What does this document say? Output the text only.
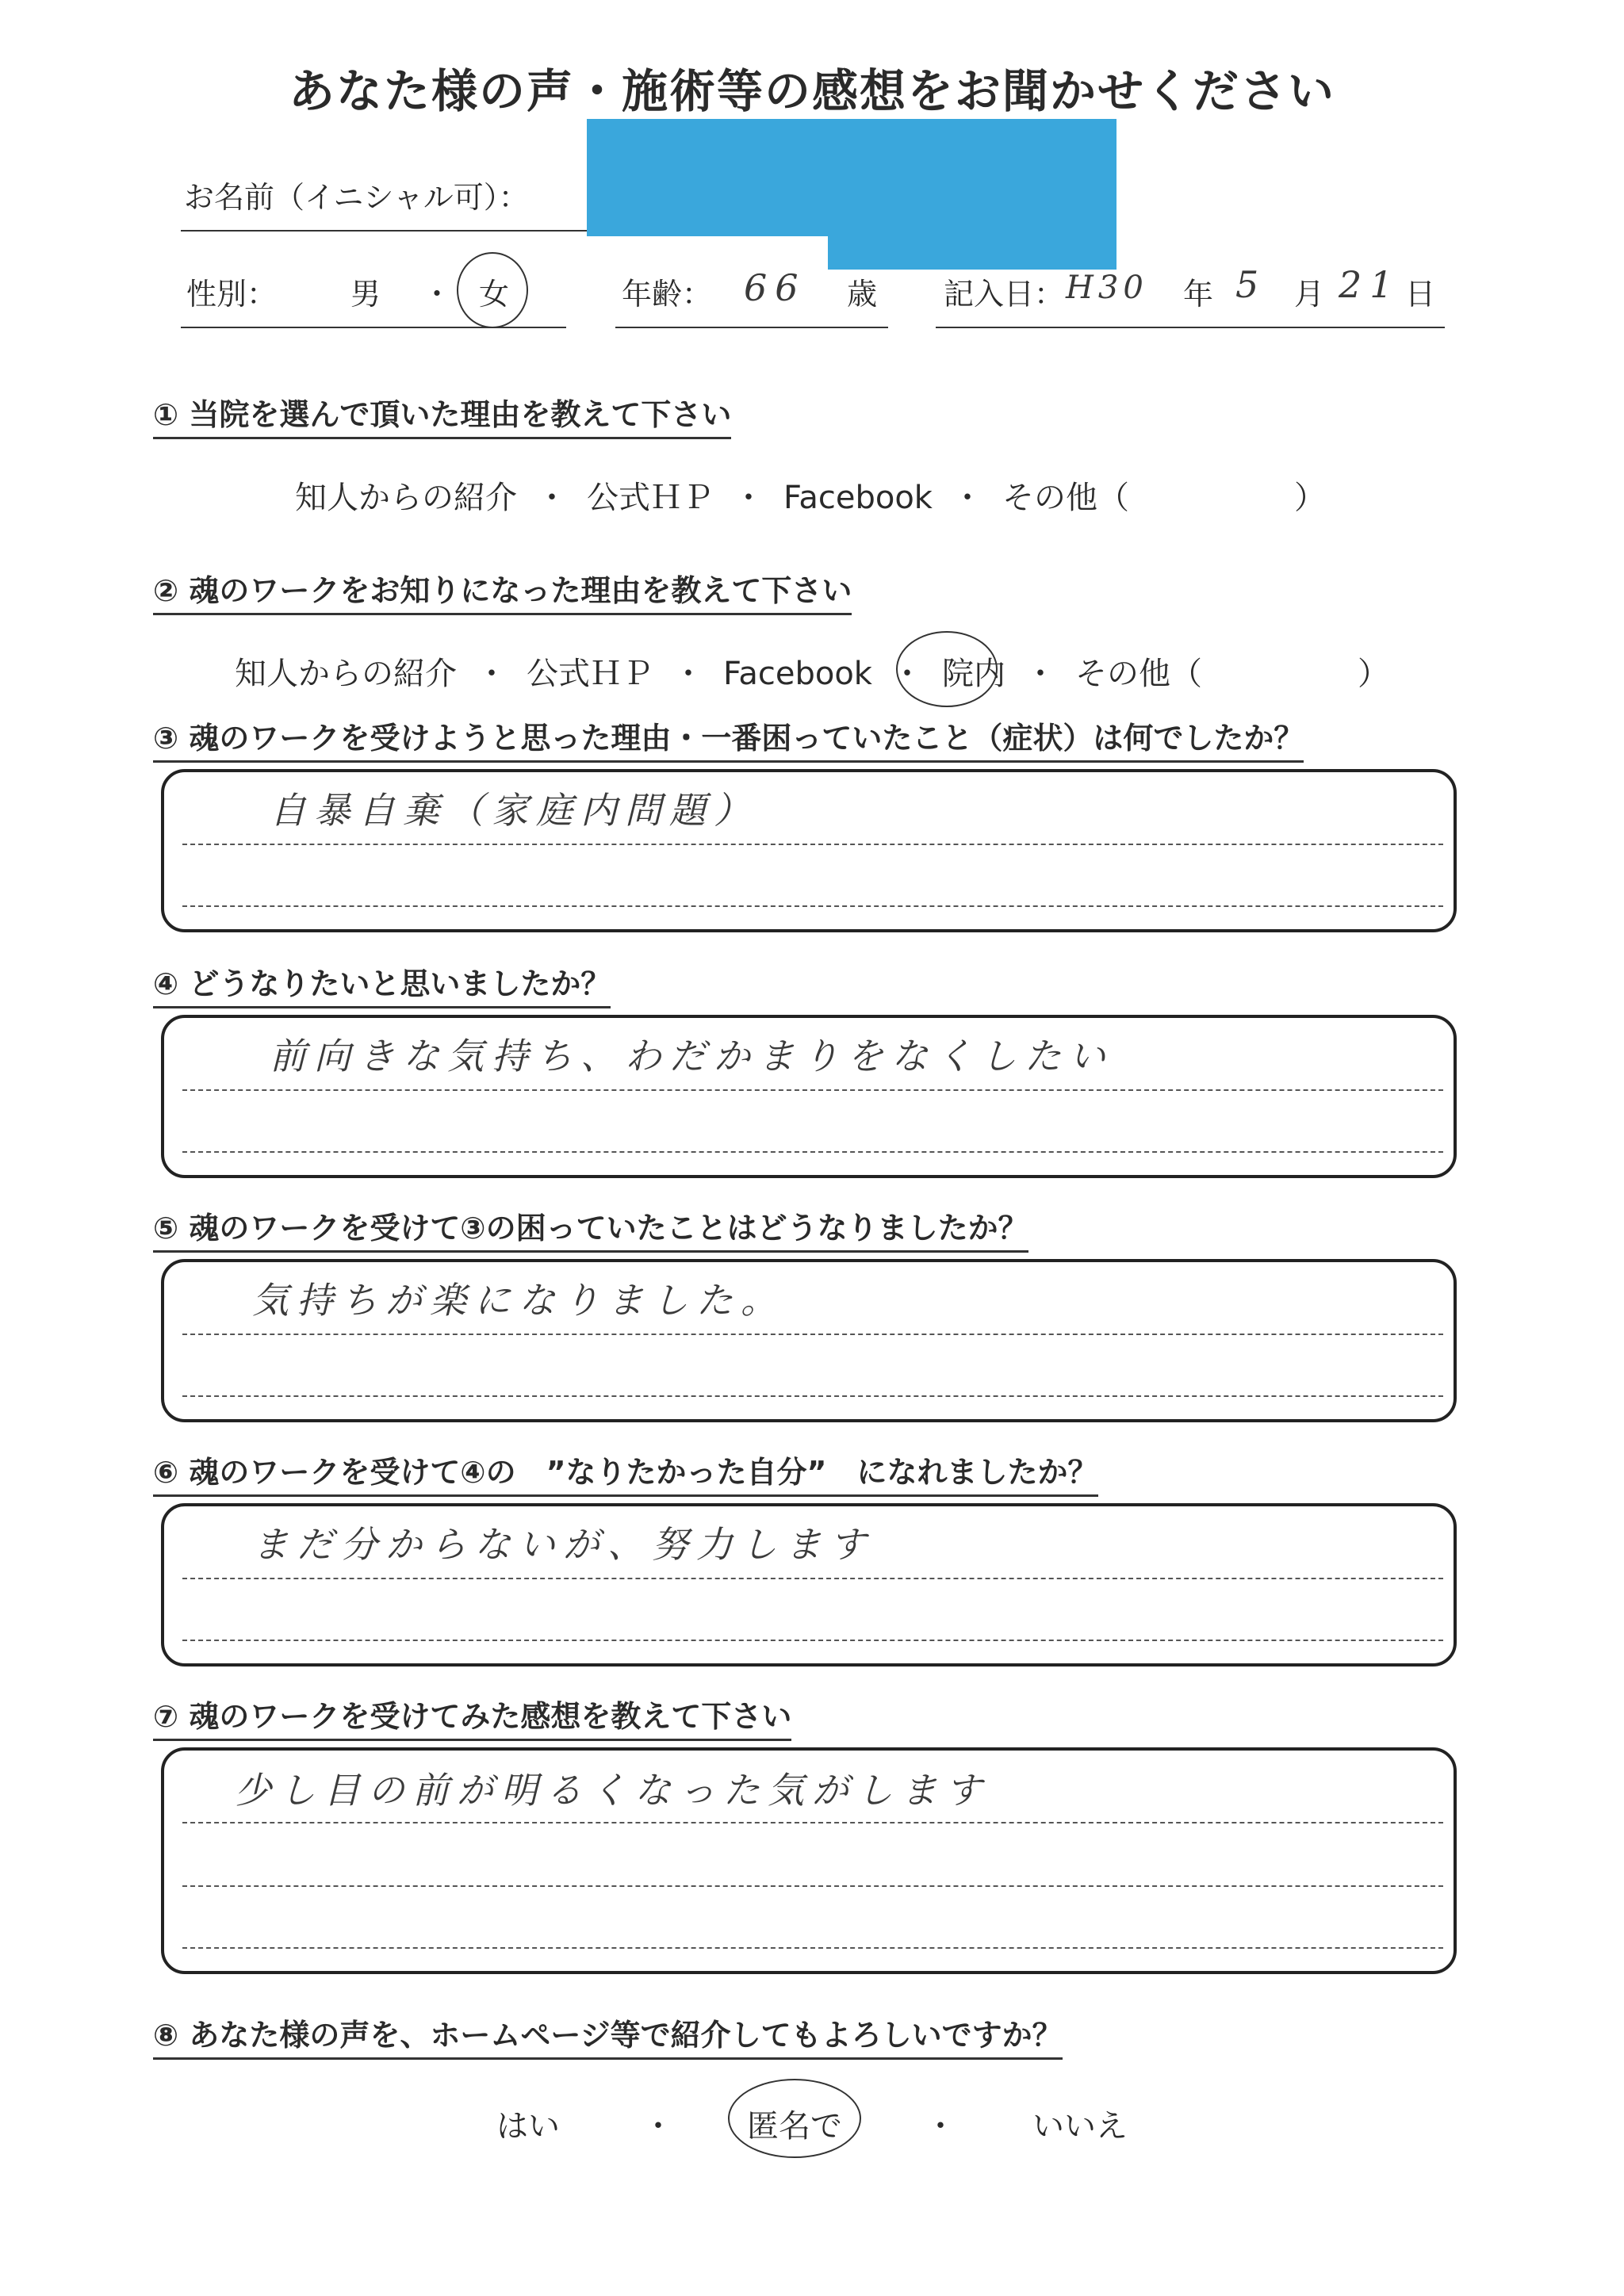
あなた様の声・施術等の感想をお聞かせください
お名前（イニシャル可）：
性別： 男 ・ 女	年齢： 66 歳 記入日： H30 年 5 月 21 日
① 当院を選んで頂いた理由を教えて下さい
知人からの紹介 ・ 公式ＨＰ ・ Facebook ・ その他（	）
② 魂のワークをお知りになった理由を教えて下さい
知人からの紹介 ・ 公式ＨＰ ・ Facebook ・ 院内 ・ その他（	）
③ 魂のワークを受けようと思った理由・一番困っていたこと（症状）は何でしたか？
自暴自棄（家庭内問題）
④ どうなりたいと思いましたか？
前向きな気持ち、わだかまりをなくしたい
⑤ 魂のワークを受けて③の困っていたことはどうなりましたか？
気持ちが楽になりました。
⑥ 魂のワークを受けて④の　”なりたかった自分”　になれましたか？
まだ分からないが、努力します
⑦ 魂のワークを受けてみた感想を教えて下さい
少し目の前が明るくなった気がします
⑧ あなた様の声を、ホームページ等で紹介してもよろしいですか？
はい	・ 匿名で	・ いいえ
